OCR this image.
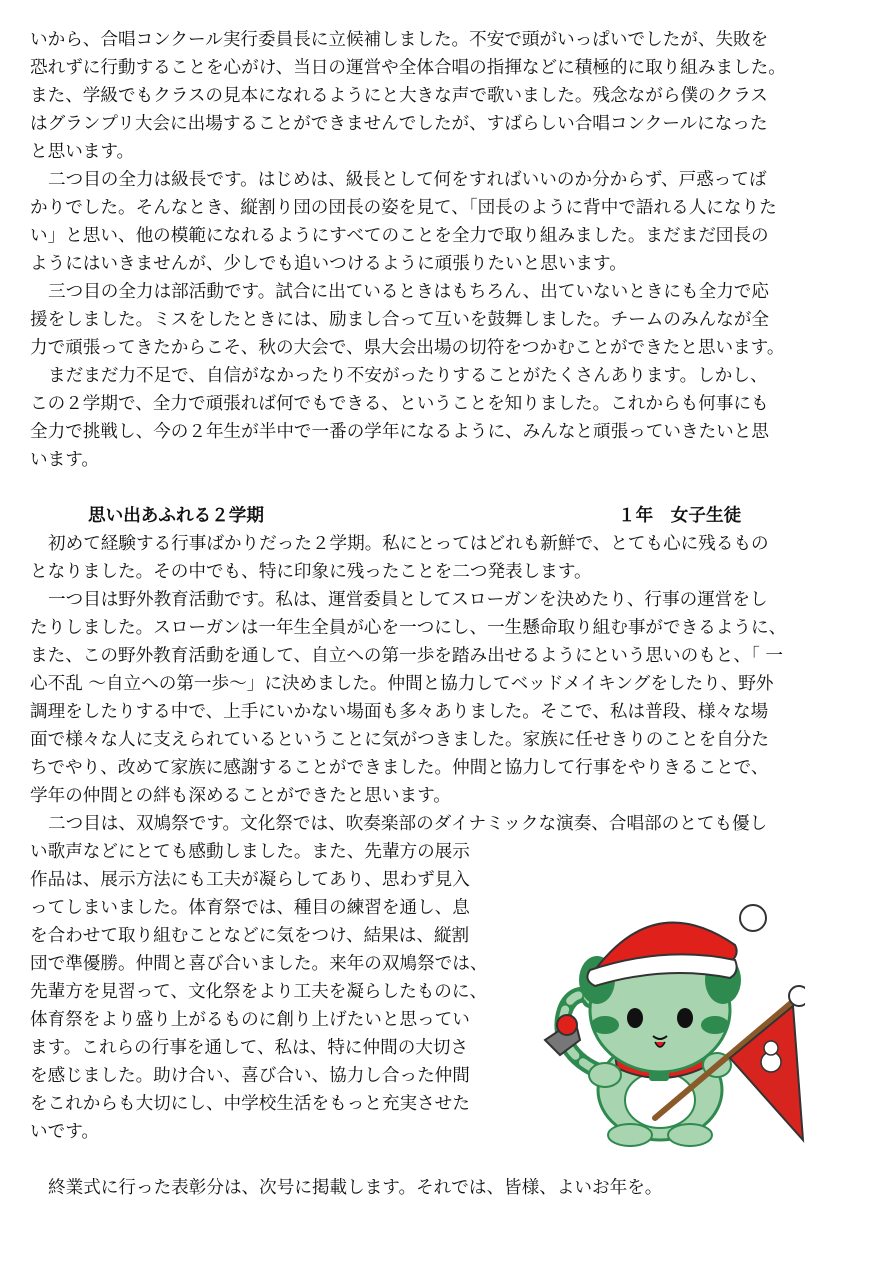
いから、合唱コンクール実行委員長に立候補しました。不安で頭がいっぱいでしたが、失敗を
恐れずに行動することを心がけ、当日の運営や全体合唱の指揮などに積極的に取り組みました。
また、学級でもクラスの見本になれるようにと大きな声で歌いました。残念ながら僕のクラス
はグランプリ大会に出場することができませんでしたが、すばらしい合唱コンクールになった
と思います。
二つ目の全力は級長です。はじめは、級長として何をすればいいのか分からず、戸惑ってば
かりでした。そんなとき、縦割り団の団長の姿を見て、「団長のように背中で語れる人になりた
い」と思い、他の模範になれるようにすべてのことを全力で取り組みました。まだまだ団長の
ようにはいきませんが、少しでも追いつけるように頑張りたいと思います。
三つ目の全力は部活動です。試合に出ているときはもちろん、出ていないときにも全力で応
援をしました。ミスをしたときには、励まし合って互いを鼓舞しました。チームのみんなが全
力で頑張ってきたからこそ、秋の大会で、県大会出場の切符をつかむことができたと思います。
まだまだ力不足で、自信がなかったり不安がったりすることがたくさんあります。しかし、
この２学期で、全力で頑張れば何でもできる、ということを知りました。これからも何事にも
全力で挑戦し、今の２年生が半中で一番の学年になるように、みんなと頑張っていきたいと思
います。
思い出あふれる２学期	１年　女子生徒
初めて経験する行事ばかりだった２学期。私にとってはどれも新鮮で、とても心に残るもの
となりました。その中でも、特に印象に残ったことを二つ発表します。
一つ目は野外教育活動です。私は、運営委員としてスローガンを決めたり、行事の運営をし
たりしました。スローガンは一年生全員が心を一つにし、一生懸命取り組む事ができるように、
また、この野外教育活動を通して、自立への第一歩を踏み出せるようにという思いのもと、「 一
心不乱 〜自立への第一歩〜」に決めました。仲間と協力してベッドメイキングをしたり、野外
調理をしたりする中で、上手にいかない場面も多々ありました。そこで、私は普段、様々な場
面で様々な人に支えられているということに気がつきました。家族に任せきりのことを自分た
ちでやり、改めて家族に感謝することができました。仲間と協力して行事をやりきることで、
学年の仲間との絆も深めることができたと思います。
二つ目は、双鳩祭です。文化祭では、吹奏楽部のダイナミックな演奏、合唱部のとても優し
い歌声などにとても感動しました。また、先輩方の展示
作品は、展示方法にも工夫が凝らしてあり、思わず見入
ってしまいました。体育祭では、種目の練習を通し、息
を合わせて取り組むことなどに気をつけ、結果は、縦割
団で準優勝。仲間と喜び合いました。来年の双鳩祭では、
先輩方を見習って、文化祭をより工夫を凝らしたものに、
体育祭をより盛り上がるものに創り上げたいと思ってい
ます。これらの行事を通して、私は、特に仲間の大切さ
を感じました。助け合い、喜び合い、協力し合った仲間
をこれからも大切にし、中学校生活をもっと充実させた
いです。
終業式に行った表彰分は、次号に掲載します。それでは、皆様、よいお年を。
